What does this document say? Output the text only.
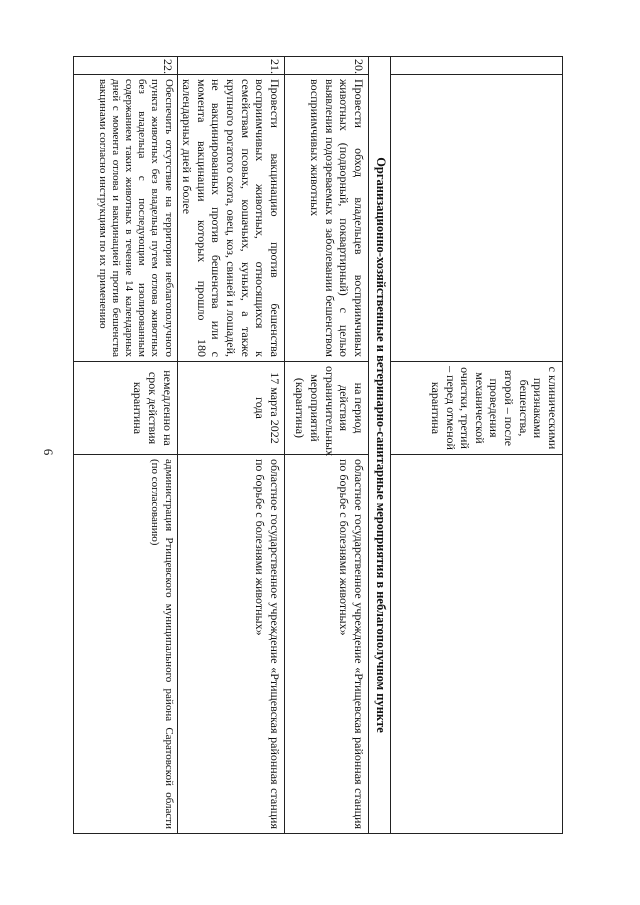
6
		с клиническими признаками бешенства, второй – после проведения механической очистки, третий – перед отменой карантина	
Организационно-хозяйственные и ветеринарно-санитарные мероприятия в неблагополучном пункте			
20.	Провести обход владельцев восприимчивых животных (подворный, поквартирный) с целью выявления подозреваемых в заболевании бешенством восприимчивых животных	на период действия ограничительных мероприятий (карантина)	областное государственное учреждение «Ртищевская районная станция по борьбе с болезнями животных»
21.	Провести вакцинацию против бешенства восприимчивых животных, относящихся к семействам псовых, кошачьих, куньих, а также крупного рогатого скота, овец, коз, свиней и лошадей, не вакцинированных против бешенства или с момента вакцинации которых прошло 180 календарных дней и более	17 марта 2022 года	областное государственное учреждение «Ртищевская районная станция по борьбе с болезнями животных»
22.	Обеспечить отсутствие на территории неблагополучного пункта животных без владельца путем отлова животных без владельца с последующим изолированным содержанием таких животных в течение 14 календарных дней с момента отлова и вакцинацией против бешенства вакцинами согласно инструкциям по их применению	немедленно на срок действия карантина	администрация Ртищевского муниципального района Саратовской области (по согласованию)
